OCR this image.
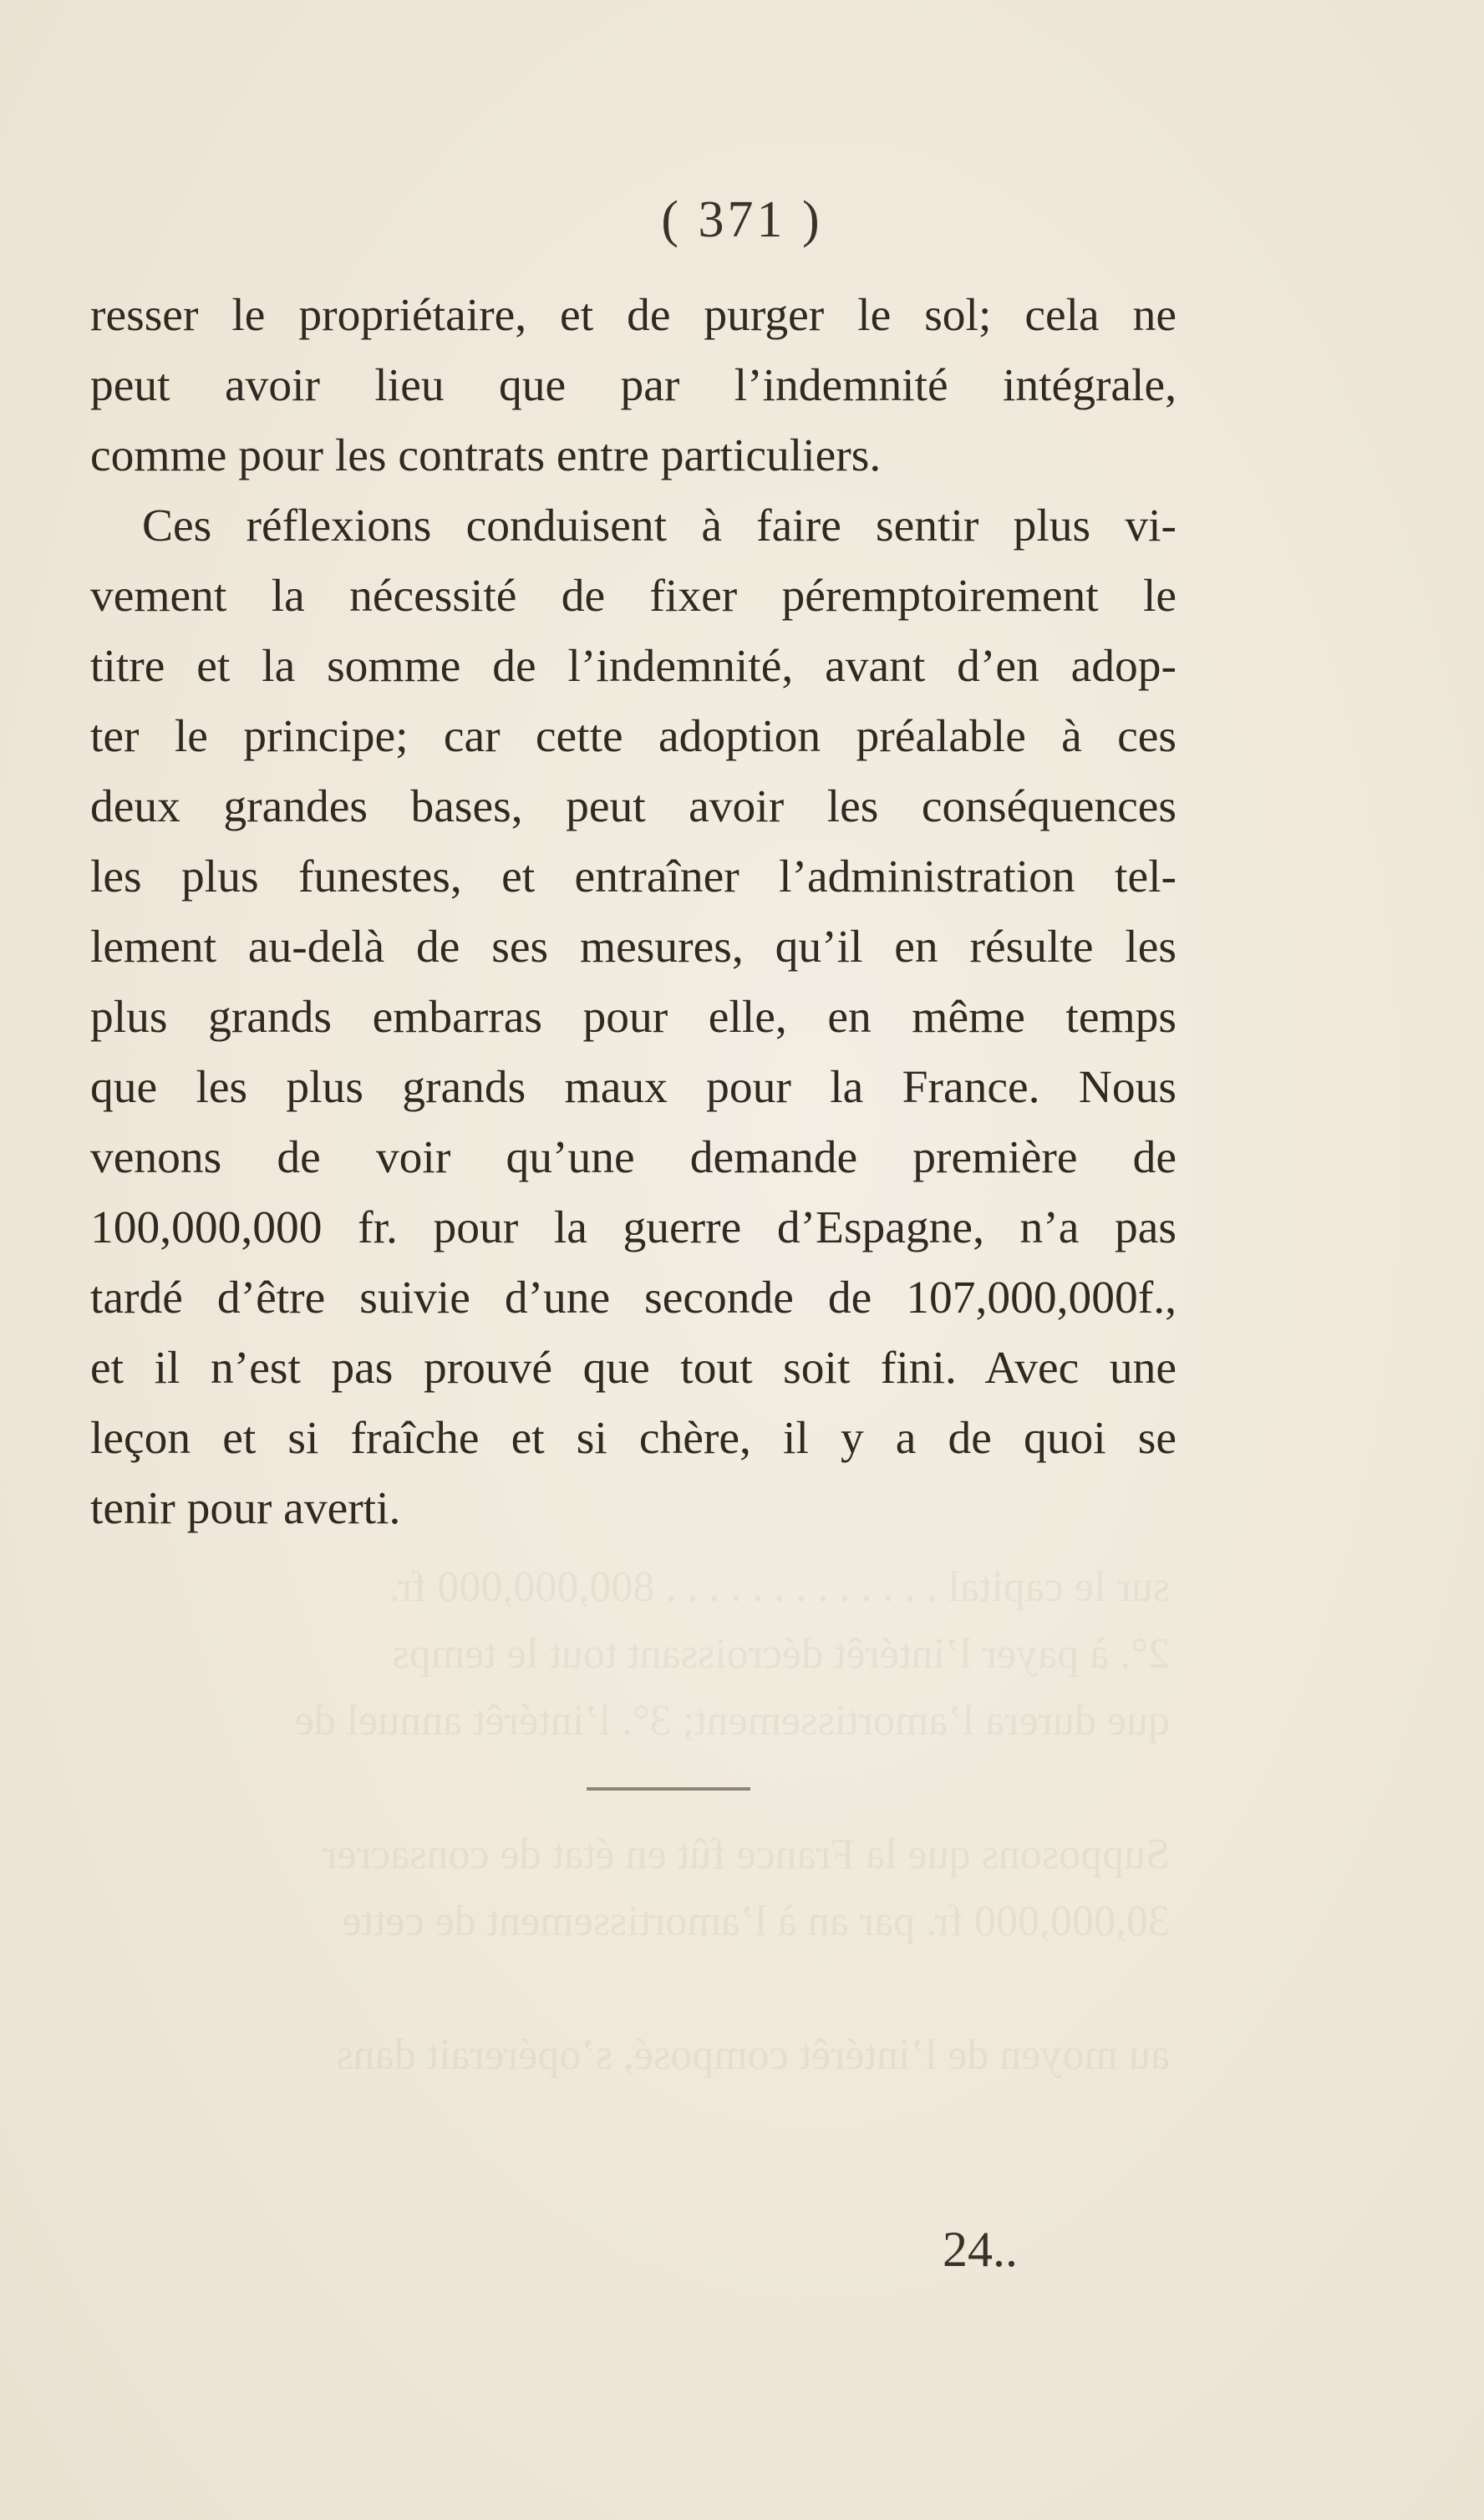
sur le capital . . . . . . . . . . . . . 800,000,000 fr.
2°. à payer l’intérêt décroissant tout le temps
que durera l’amortissement; 3°. l’intérêt annuel de
Supposons que la France fût en état de consacrer
30,000,000 fr. par an à l’amortissement de cette
au moyen de l’intérêt composé, s’opérerait dans
( 371 )
resser le propriétaire, et de purger le sol; cela ne
peut avoir lieu que par l’indemnité intégrale,
comme pour les contrats entre particuliers.
Ces réflexions conduisent à faire sentir plus vi-
vement la nécessité de fixer péremptoirement le
titre et la somme de l’indemnité, avant d’en adop-
ter le principe; car cette adoption préalable à ces
deux grandes bases, peut avoir les conséquences
les plus funestes, et entraîner l’administration tel-
lement au-delà de ses mesures, qu’il en résulte les
plus grands embarras pour elle, en même temps
que les plus grands maux pour la France. Nous
venons de voir qu’une demande première de
100,000,000 fr. pour la guerre d’Espagne, n’a pas
tardé d’être suivie d’une seconde de 107,000,000f.,
et il n’est pas prouvé que tout soit fini. Avec une
leçon et si fraîche et si chère, il y a de quoi se
tenir pour averti.
24..
